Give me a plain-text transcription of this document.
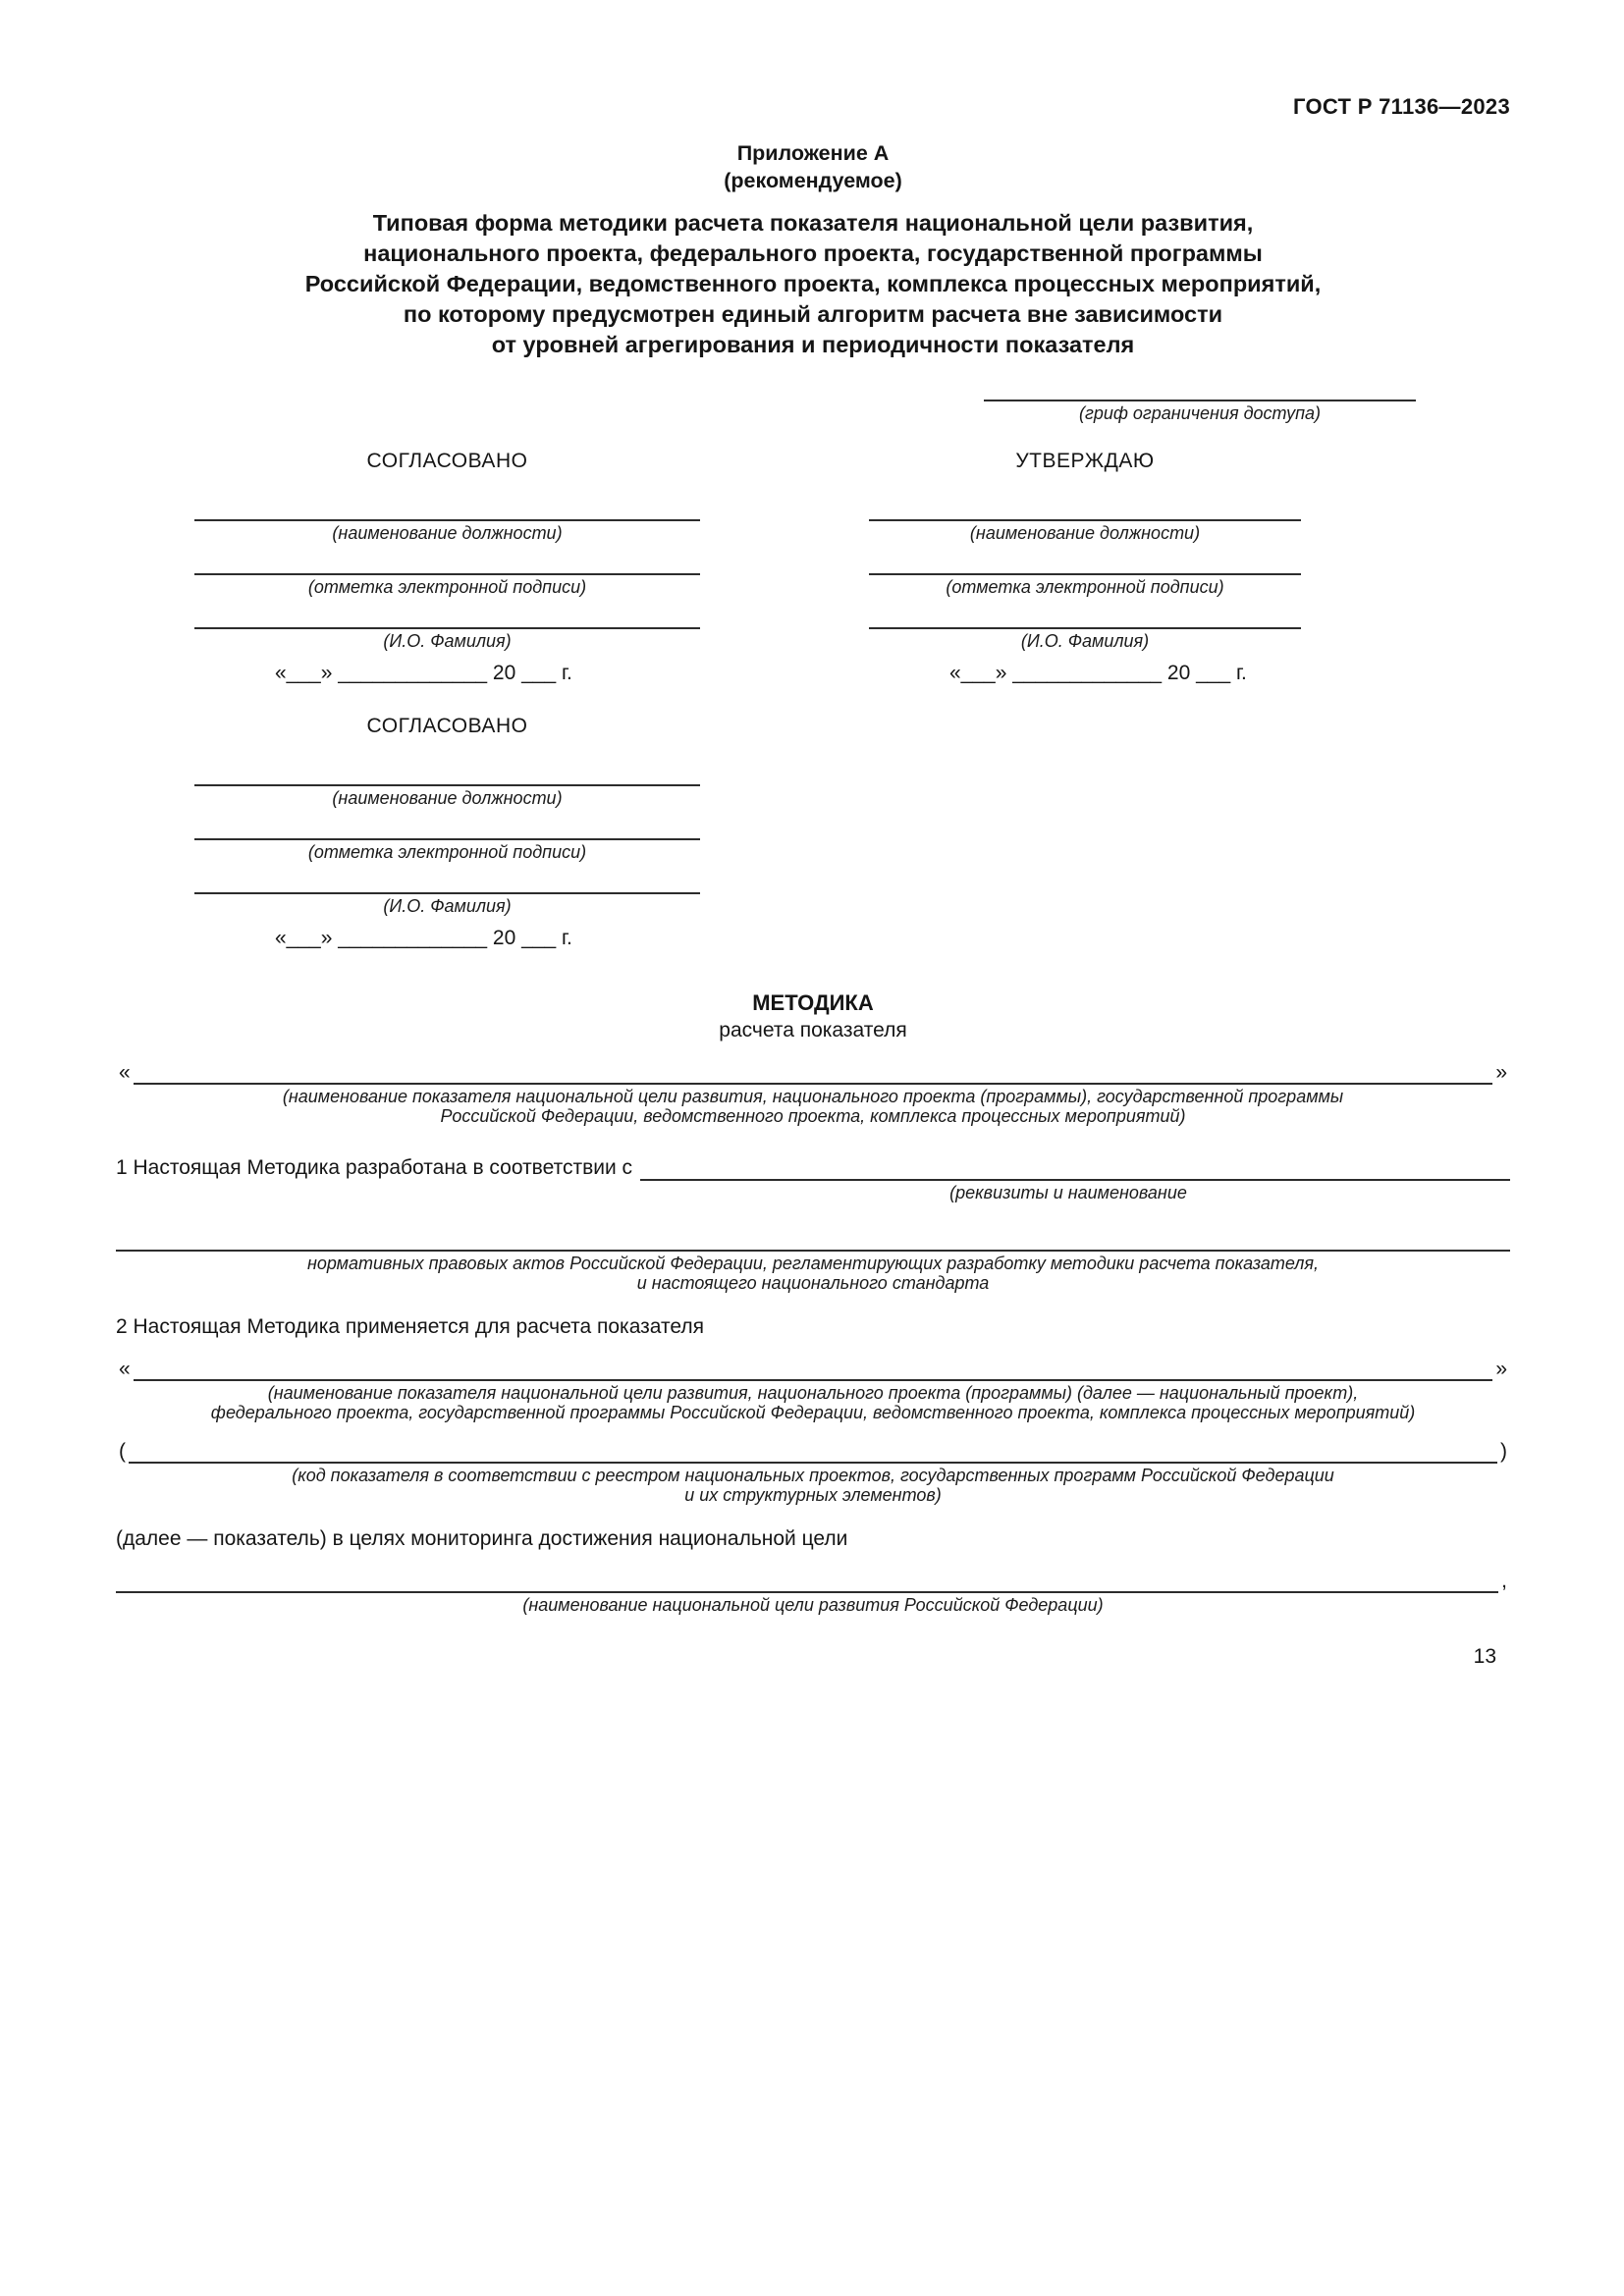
ГОСТ Р 71136—2023
Приложение А
(рекомендуемое)
Типовая форма методики расчета показателя национальной цели развития,
национального проекта, федерального проекта, государственной программы
Российской Федерации, ведомственного проекта, комплекса процессных мероприятий,
по которому предусмотрен единый алгоритм расчета вне зависимости
от уровней агрегирования и периодичности показателя
(гриф ограничения доступа)
СОГЛАСОВАНО
(наименование должности)
(отметка электронной подписи)
(И.О. Фамилия)
«___» _____________ 20 ___ г.
УТВЕРЖДАЮ
(наименование должности)
(отметка электронной подписи)
(И.О. Фамилия)
«___» _____________ 20 ___ г.
СОГЛАСОВАНО
(наименование должности)
(отметка электронной подписи)
(И.О. Фамилия)
«___» _____________ 20 ___ г.
МЕТОДИКА
расчета показателя
«	»
(наименование показателя национальной цели развития, национального проекта (программы), государственной программы
Российской Федерации, ведомственного проекта, комплекса процессных мероприятий)
1 Настоящая Методика разработана в соответствии с
(реквизиты и наименование
нормативных правовых актов Российской Федерации, регламентирующих разработку методики расчета показателя,
и настоящего национального стандарта
2 Настоящая Методика применяется для расчета показателя
«	»
(наименование показателя национальной цели развития, национального проекта (программы) (далее — национальный проект),
федерального проекта, государственной программы Российской Федерации, ведомственного проекта, комплекса процессных мероприятий)
(	)
(код показателя в соответствии с реестром национальных проектов, государственных программ Российской Федерации
и их структурных элементов)
(далее — показатель) в целях мониторинга достижения национальной цели
,
(наименование национальной цели развития Российской Федерации)
13
